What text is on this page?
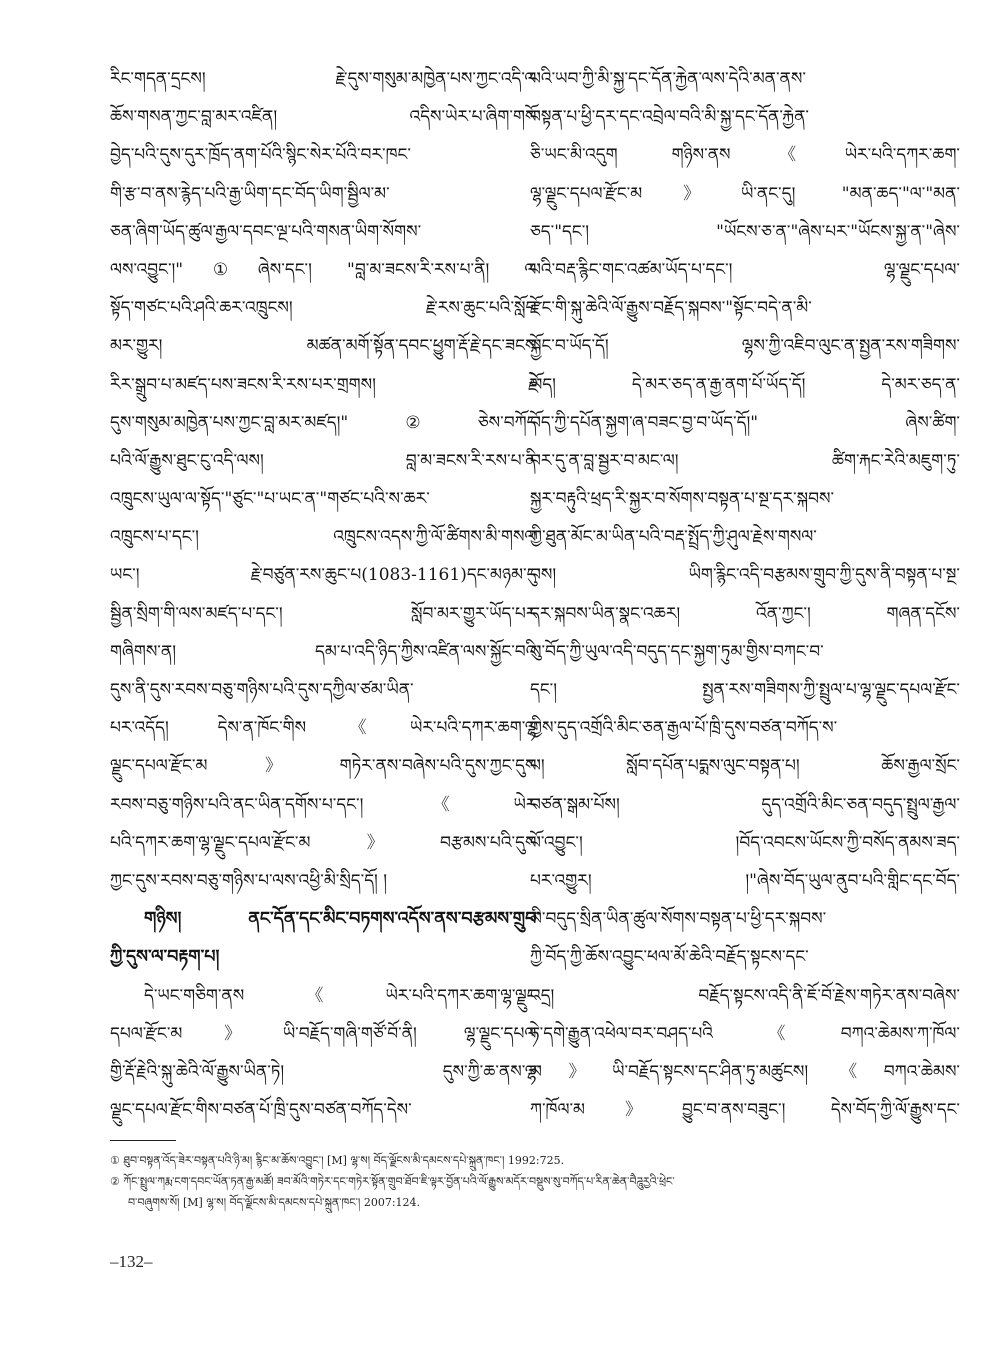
རིང་གདན་དྲངས། རྗེ་དུས་གསུམ་མཁྱེན་པས་ཀྱང་འདི་ལ་
ཆོས་གསན་ཀྱང་བླ་མར་འཛིན། འདིས་ཡེར་པ་ཞིག་གསོ་
བྱེད་པའི་དུས་དུར་ཁྲོད་ནག་པོའི་སྙིང་སེར་པོའི་བར་ཁང་
གི་རྩ་བ་ནས་རྙེད་པའི་རྒྱ་ཡིག་དང་བོད་ཡིག་སྦྱིལ་མ་
ཅན་ཞིག་ཡོད་ཚུལ་རྒྱལ་དབང་ལྔ་པའི་གསན་ཡིག་སོགས་
ལས་འབྱུང་།"①ཞེས་དང་། "བླ་མ་ཟངས་རི་རས་པ་ནི། ལ་
སྟོད་གཙང་པའི་ཤའི་ཆར་འཁྲུངས། རྗེ་རས་ཆུང་པའི་སློབ་
མར་གྱུར། མཚན་མགོ་སྟོན་དབང་ཕྱུག་རྡོ་རྗེ་དང་ཟངས་
རིར་སྒྲུབ་པ་མཛད་པས་ཟངས་རི་རས་པར་གྲགས། རྗེ་
དུས་གསུམ་མཁྱེན་པས་ཀྱང་བླ་མར་མཛད།"②ཅེས་བཀོད་
པའི་ལོ་རྒྱུས་ཐུང་ངུ་འདི་ལས། བླ་མ་ཟངས་རི་རས་པ་ནི་
འཁྲུངས་ཡུལ་ལ་སྟོད་"ཙུང་"པ་ཡང་ན་"གཙང་པའི་ས་ཆར་
འཁྲུངས་པ་དང་། འཁྲུངས་འདས་ཀྱི་ལོ་ཚིགས་མི་གསལ་
ཡང་། རྗེ་བཙུན་རས་ཆུང་པ(1083-1161)དང་མཉམ་དུ་
སྦྱིན་སྲིག་གི་ལས་མཛད་པ་དང་། སློབ་མར་གྱུར་ཡོད་པར་
གཞིགས་ན། དམ་པ་འདི་ཉིད་ཀྱིས་འཛིན་ལས་སྐྱོང་བའི་
དུས་ནི་དུས་རབས་བཅུ་གཉིས་པའི་དུས་དཀྱིལ་ཙམ་ཡིན་
པར་འདོད། དེས་ན་ཁོང་གིས《ཡེར་པའི་དཀར་ཆག་ལྷ་
ལྗུང་དཔལ་རྫོང་མ》གཏེར་ནས་བཞེས་པའི་དུས་ཀྱང་དུས་
རབས་བཅུ་གཉིས་པའི་ནང་ཡིན་དགོས་པ་དང་། 《ཡེར་
པའི་དཀར་ཆག་ལྷ་ལྗུང་དཔལ་རྫོང་མ》བརྩམས་པའི་དུས་
ཀྱང་དུས་རབས་བཅུ་གཉིས་པ་ལས་འཕྱི་མི་སྲིད་དོ། །
གཉིས། ནང་དོན་དང་མིང་བཏགས་འདོས་ནས་བརྩམས་གྲུབ་
ཀྱི་དུས་ལ་བརྟག་པ།
དེ་ཡང་གཅིག་ནས《ཡེར་པའི་དཀར་ཆག་ལྷ་ལྗུང་
དཔལ་རྫོང་མ》ཡི་བརྗོད་གཞི་གཙོ་བོ་ནི། ལྷ་ལྗུང་དཔལ་
གྱི་རྡོ་རྗེའི་སྐུ་ཆེའི་ལོ་རྒྱུས་ཡིན་ཏེ། དུས་ཀྱི་ཆ་ནས་ལྷ་
ལྗུང་དཔལ་རྫོང་གིས་བཙན་པོ་ཁྲི་དུས་བཙན་བཀོད་དེས་
པའི་ཡབ་ཀྱི་མི་སྐྱ་དང་དོན་རྐྱེན་ལས་དེའི་མན་ནས་
བསྟན་པ་ཕྱི་དར་དང་འབྲེལ་བའི་མི་སྐྱ་དང་དོན་རྐྱེན་
ཅི་ཡང་མི་འདུག གཉིས་ནས《ཡེར་པའི་དཀར་ཆག་
ལྷ་ལྗུང་དཔལ་རྫོང་མ》ཡི་ནང་དུ། "མན་ཆད་"ལ་"མན་
ཅད་"དང་། "ཡོངས་ཅ་ན་"ཞེས་པར་"ཡོངས་སྐྱ་ན་"ཞེས་
པའི་བརྡ་རྙིང་གང་འཚམ་ཡོད་པ་དང་། ལྷ་ལྗུང་དཔལ་
རྫོང་གི་སྐུ་ཆེའི་ལོ་རྒྱུས་བརྗོད་སྐབས་"སྟོང་བདེ་ན་མི་
སྐྱོང་བ་ཡོད་དོ། ལྷས་ཀྱི་འཇིབ་ལུང་ན་སྤྱན་རས་གཟིགས་
ཡོད། དེ་མར་ཅད་ན་རྒྱ་ནག་པོ་ཡོད་དོ། དེ་མར་ཅད་ན་
བོད་ཀྱི་དཔོན་སྐྱག་ཞ་བཟང་བྱ་བ་ཡོད་དོ།" ཞེས་ཚིག་
བར་དུ་ན་བླ་སྦྱར་བ་མང་ལ། ཚིག་རྐང་རེའི་མཇུག་ཏུ་
སྐྱར་བརྟུའི་ཕྲད་རི་སྐྱར་བ་སོགས་བསྟན་པ་སྔ་དར་སྐབས་
ཀྱི་ཐུན་མོང་མ་ཡིན་པའི་བརྡ་སྤྲོད་ཀྱི་ཤུལ་རྗེས་གསལ་
བས། ཡིག་རྙིང་འདི་བརྩམས་གྲུབ་ཀྱི་དུས་ནི་བསྟན་པ་སྔ་
དར་སྐབས་ཡིན་སྣང་འཆར། འོན་ཀྱང་། གཞན་དངོས་
སུ་བོད་ཀྱི་ཡུལ་འདི་བདུད་དང་སྐྱག་ཏུམ་གྱིས་བཀང་བ་
དང་། སྤྱན་རས་གཟིགས་ཀྱི་སྤྲུལ་པ་ལྷ་ལྗུང་དཔལ་རྫོང་
གྱིས་དུད་འགྲོའི་མིང་ཅན་རྒྱལ་པོ་ཁྲི་དུས་བཙན་བཀོད་ས་
པ། སློབ་དཔོན་པདྨས་ལུང་བསྟན་པ། ཆོས་རྒྱལ་སྲོང་
བཙན་སྒམ་པོས། དུད་འགྲོའི་མིང་ཅན་བདུད་སྤྲུལ་རྒྱལ་
པོ་འབྱུང་། །བོད་འབངས་ཡོངས་ཀྱི་བསོད་ནམས་ཟད་
པར་འགྱུར། །"ཞེས་བོད་ཡུལ་ནུབ་པའི་གླིང་དང་བོད་
མི་བདུད་སྲིན་ཡིན་ཚུལ་སོགས་བསྟན་པ་ཕྱི་དར་སྐབས་
ཀྱི་བོད་ཀྱི་ཆོས་འབྱུང་ཕལ་མོ་ཆེའི་བརྗོད་སྟངས་དང་
འདྲ། བརྗོད་སྟངས་འདི་ནི་ཇོ་བོ་རྗེས་གཏེར་ནས་བཞེས་
ཏེ་དགེ་རྒྱུན་འཕེལ་བར་བཤད་པའི《བཀའ་ཆེམས་ཀ་ཁོལ་
མ》ཡི་བརྗོད་སྟངས་དང་ཤིན་ཏུ་མཚུངས། 《བཀའ་ཆེམས་
ཀ་ཁོལ་མ》བྱུང་བ་ནས་བཟུང་། དེས་བོད་ཀྱི་ལོ་རྒྱུས་དང་
① ཐུབ་བསྟན་འོད་ཟེར་བསྟན་པའི་ཉི་མ། རྙིང་མ་ཆོས་འབྱུང་། [M] ལྷ་ས། བོད་ལྗོངས་མི་དམངས་དཔེ་སྐྲུན་ཁང་། 1992:725.
② ཀོང་སྤྲུལ་ཀརྨ་ངག་དབང་ཡོན་ཏན་རྒྱ་མཚོ། ཟབ་མོའི་གཏེར་དང་གཏེར་སྟོན་གྲུབ་ཐོབ་ཇི་ལྟར་བྱོན་པའི་ལོ་རྒྱུས་མདོར་བསྡུས་སུ་བཀོད་པ་རིན་ཆེན་བཻཌཱུརྱའི་ཕྲེང་
བ་བཞུགས་སོ། [M] ལྷ་ས། བོད་ལྗོངས་མི་དམངས་དཔེ་སྐྲུན་ཁང་། 2007:124.
–132–
